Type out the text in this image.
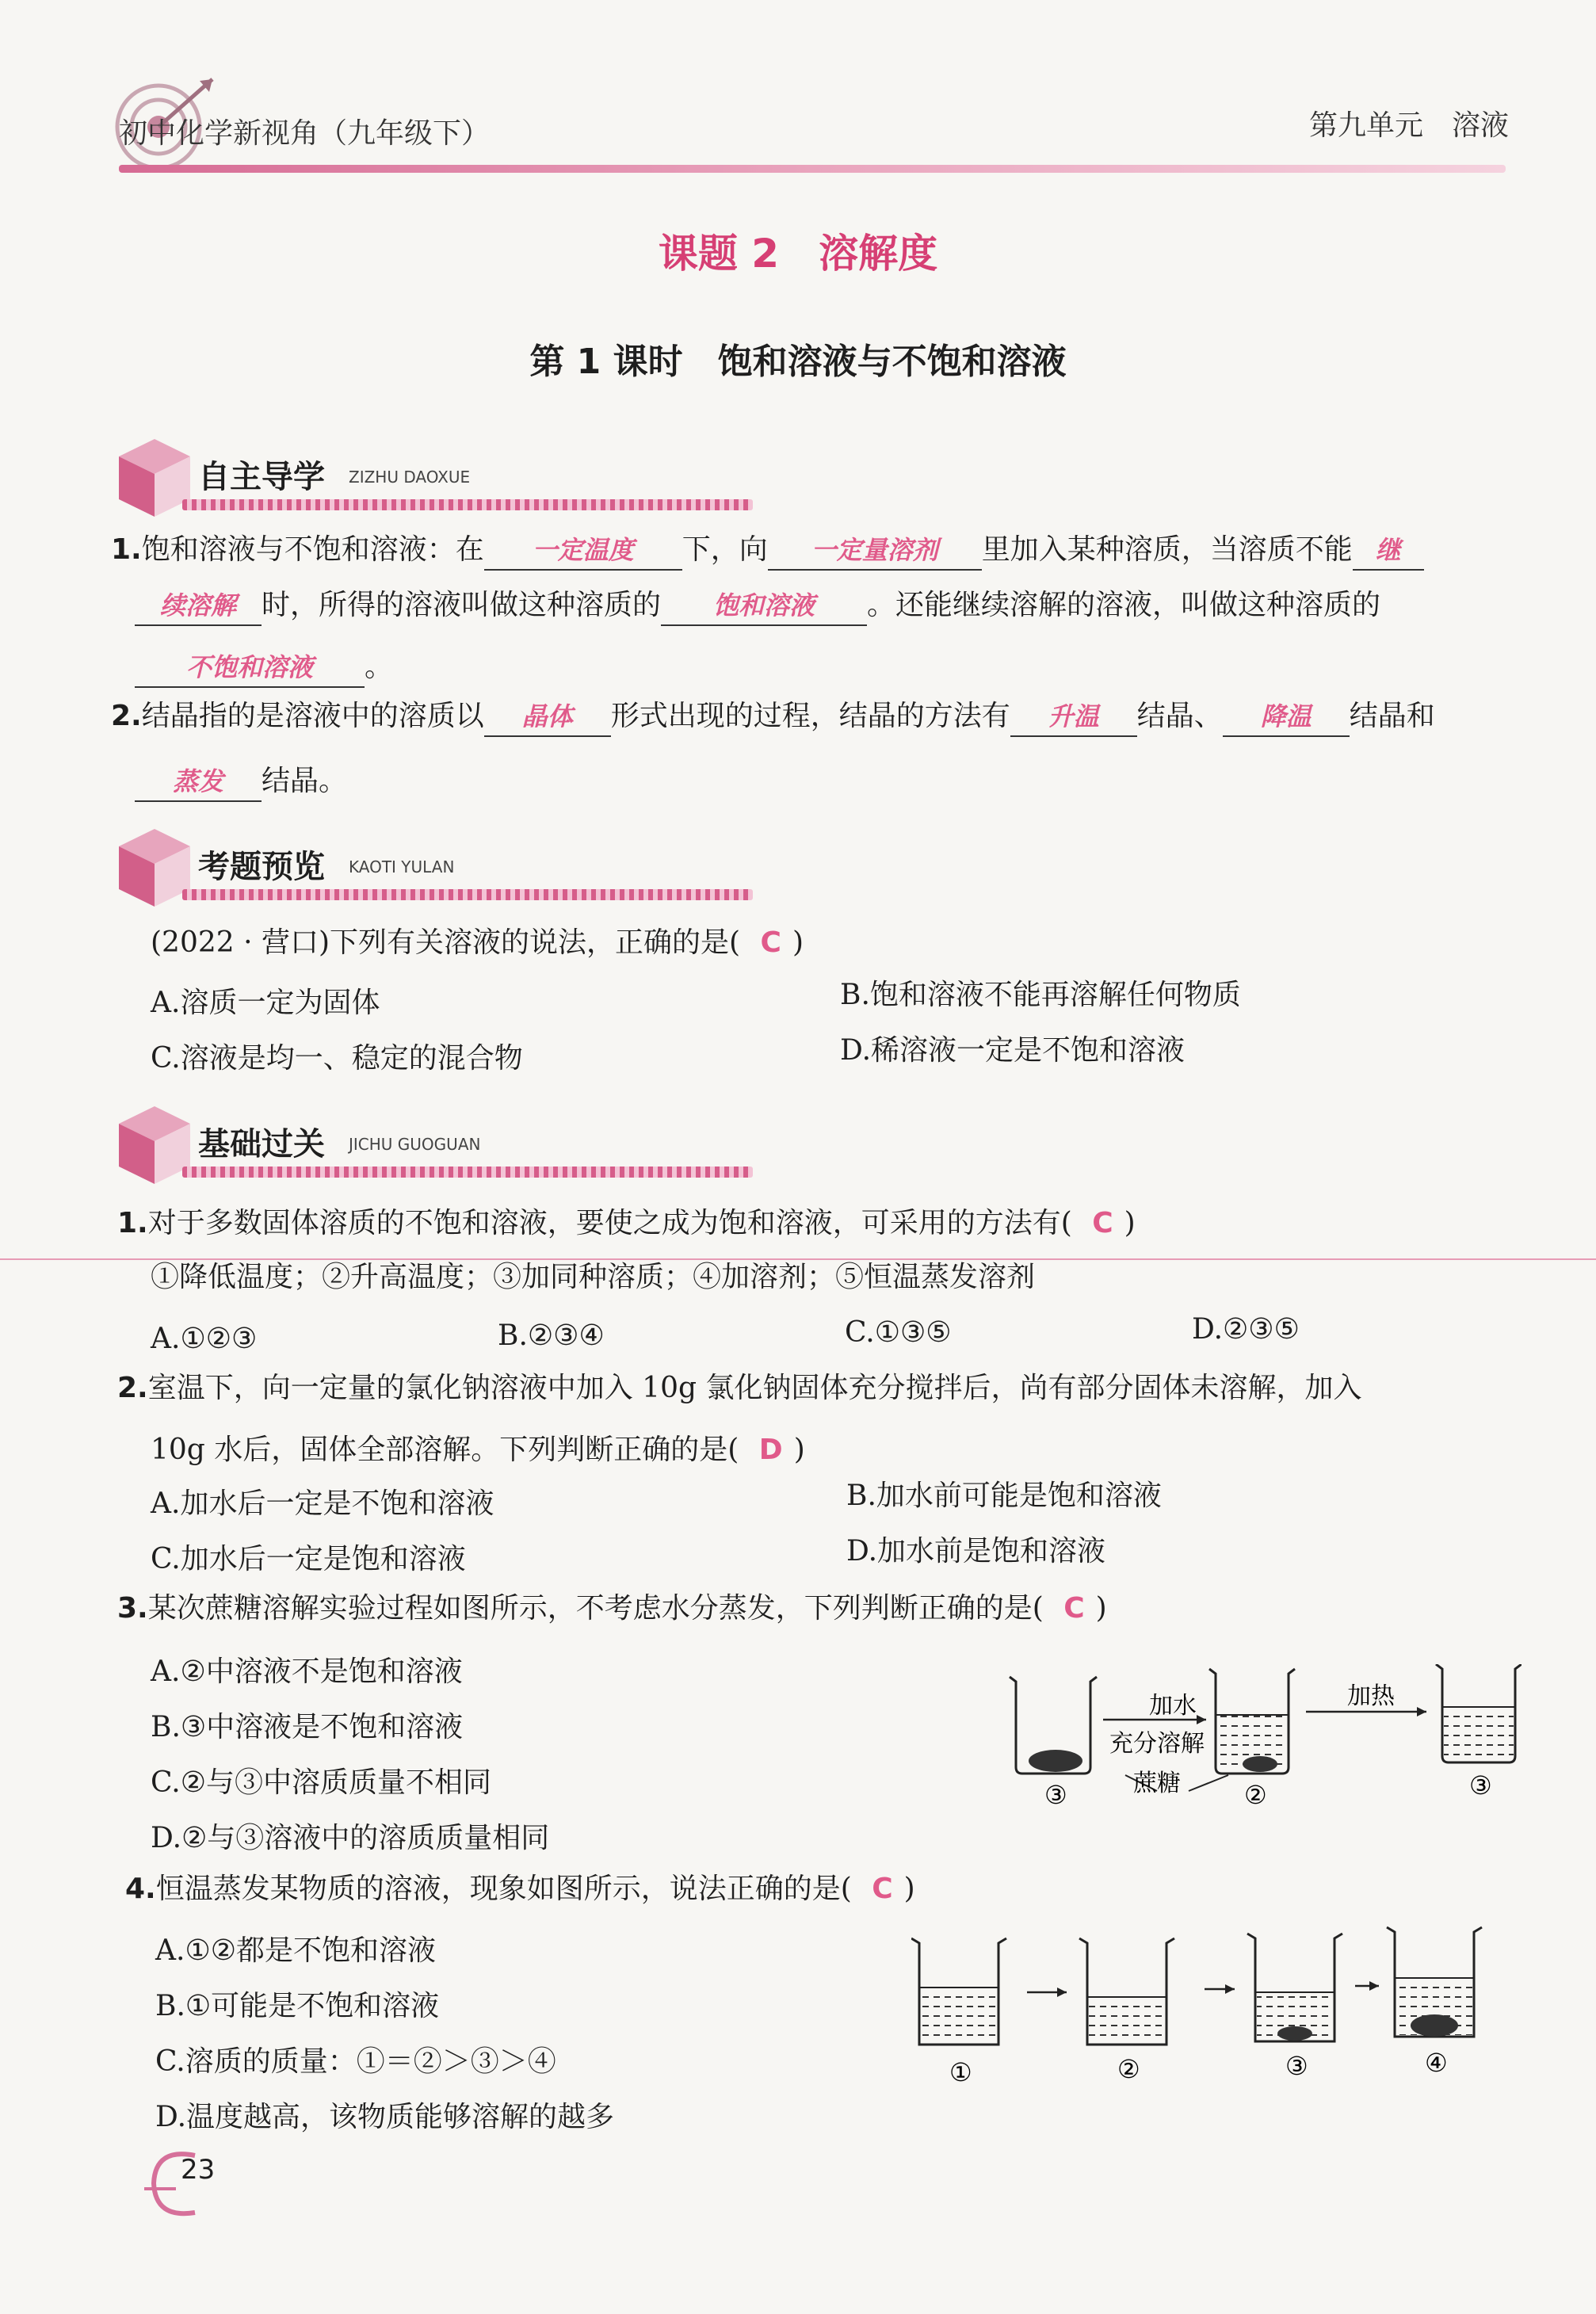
初中化学新视角（九年级下）	第九单元　溶液
课题 2　溶解度
第 1 课时　饱和溶液与不饱和溶液
自主导学 ZIZHU DAOXUE
1.饱和溶液与不饱和溶液：在 一定温度 下，向 一定量溶剂 里加入某种溶质，当溶质不能 继
续溶解 时，所得的溶液叫做这种溶质的 饱和溶液 。还能继续溶解的溶液，叫做这种溶质的
不饱和溶液 。
2.结晶指的是溶液中的溶质以 晶体 形式出现的过程，结晶的方法有 升温 结晶、 降温 结晶和
蒸发 结晶。
考题预览 KAOTI YULAN
(2022 · 营口)下列有关溶液的说法，正确的是( C )
A.溶质一定为固体	B.饱和溶液不能再溶解任何物质
C.溶液是均一、稳定的混合物	D.稀溶液一定是不饱和溶液
基础过关 JICHU GUOGUAN
1.对于多数固体溶质的不饱和溶液，要使之成为饱和溶液，可采用的方法有( C )
①降低温度；②升高温度；③加同种溶质；④加溶剂；⑤恒温蒸发溶剂
A.①②③	B.②③④	C.①③⑤	D.②③⑤
2.室温下，向一定量的氯化钠溶液中加入 10g 氯化钠固体充分搅拌后，尚有部分固体未溶解，加入
10g 水后，固体全部溶解。下列判断正确的是( D )
A.加水后一定是不饱和溶液	B.加水前可能是饱和溶液
C.加水后一定是饱和溶液	D.加水前是饱和溶液
3.某次蔗糖溶解实验过程如图所示，不考虑水分蒸发，下列判断正确的是( C )
A.②中溶液不是饱和溶液
B.③中溶液是不饱和溶液
C.②与③中溶质质量不相同
D.②与③溶液中的溶质质量相同
加水
充分溶解
蔗糖
加热
③	②	③
4.恒温蒸发某物质的溶液，现象如图所示，说法正确的是( C )
A.①②都是不饱和溶液
B.①可能是不饱和溶液
C.溶质的质量：①＝②＞③＞④
D.温度越高，该物质能够溶解的越多
①	②	③	④
23
